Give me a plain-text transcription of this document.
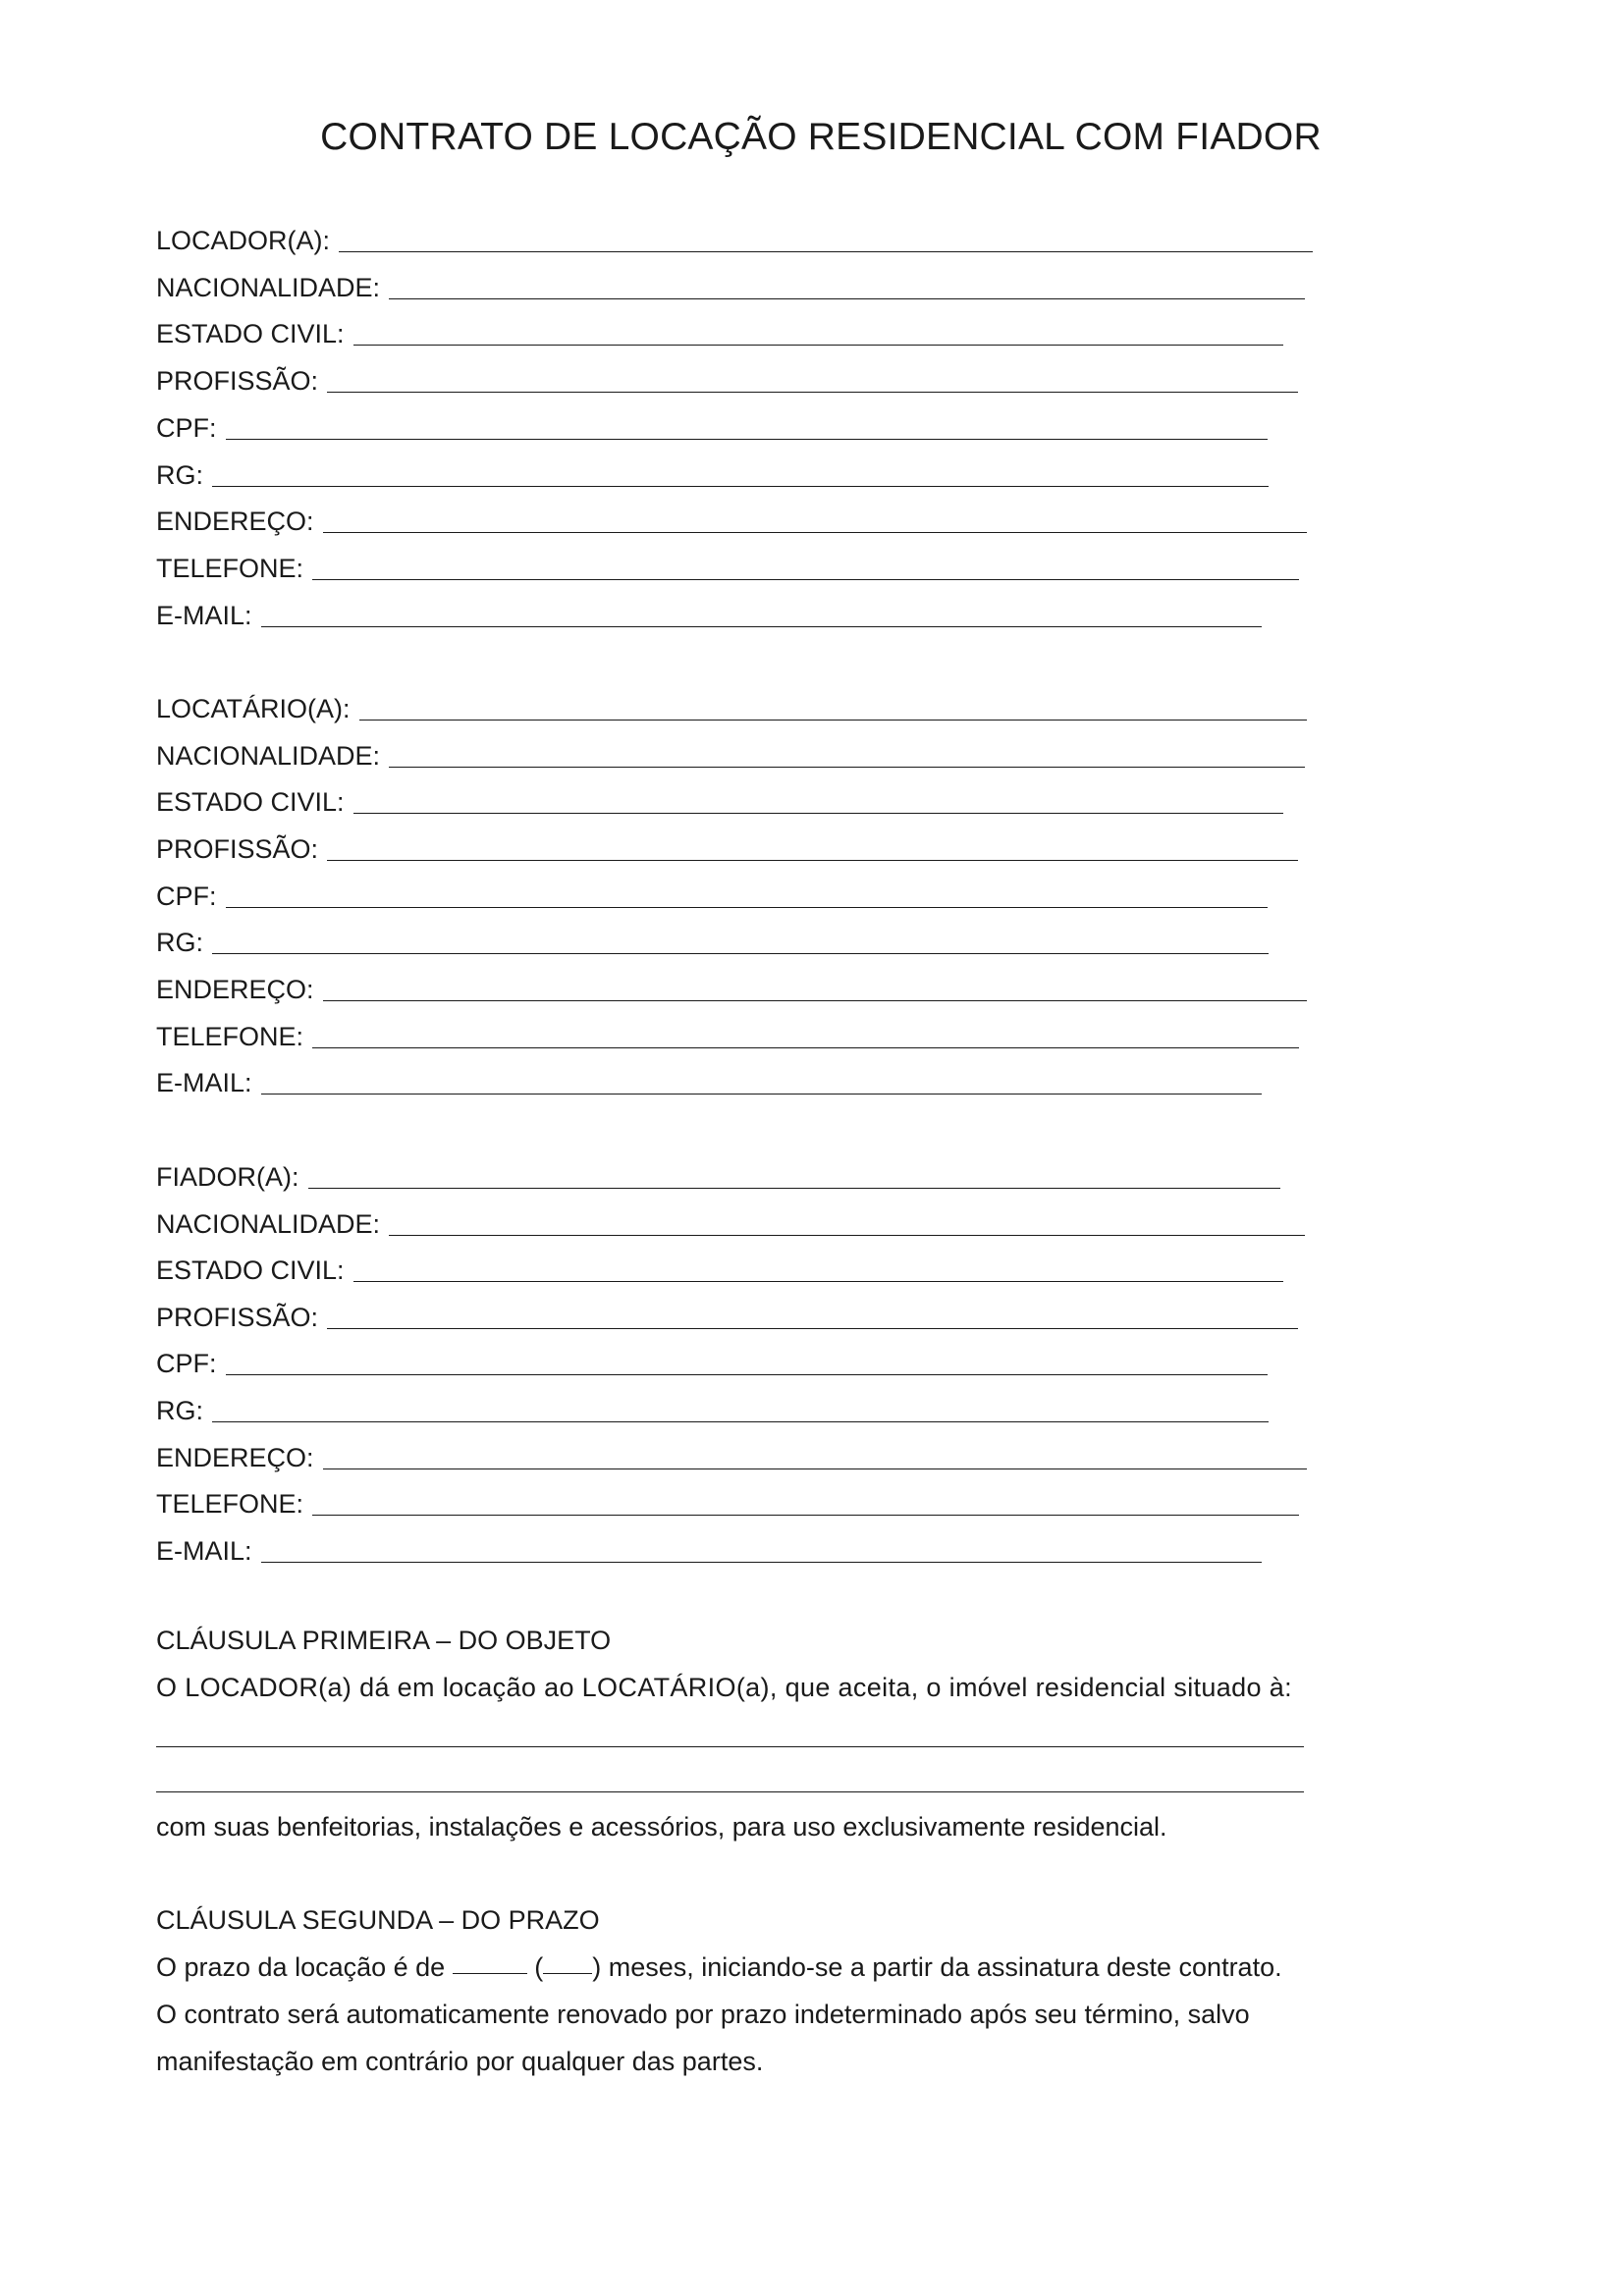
CONTRATO DE LOCAÇÃO RESIDENCIAL COM FIADOR
LOCADOR(A):
NACIONALIDADE:
ESTADO CIVIL:
PROFISSÃO:
CPF:
RG:
ENDEREÇO:
TELEFONE:
E-MAIL:
LOCATÁRIO(A):
NACIONALIDADE:
ESTADO CIVIL:
PROFISSÃO:
CPF:
RG:
ENDEREÇO:
TELEFONE:
E-MAIL:
FIADOR(A):
NACIONALIDADE:
ESTADO CIVIL:
PROFISSÃO:
CPF:
RG:
ENDEREÇO:
TELEFONE:
E-MAIL:
CLÁUSULA PRIMEIRA – DO OBJETO
O LOCADOR(a) dá em locação ao LOCATÁRIO(a), que aceita, o imóvel residencial situado à:
com suas benfeitorias, instalações e acessórios, para uso exclusivamente residencial.
CLÁUSULA SEGUNDA – DO PRAZO
O prazo da locação é de	( ) meses, iniciando-se a partir da assinatura deste contrato.
O contrato será automaticamente renovado por prazo indeterminado após seu término, salvo
manifestação em contrário por qualquer das partes.
